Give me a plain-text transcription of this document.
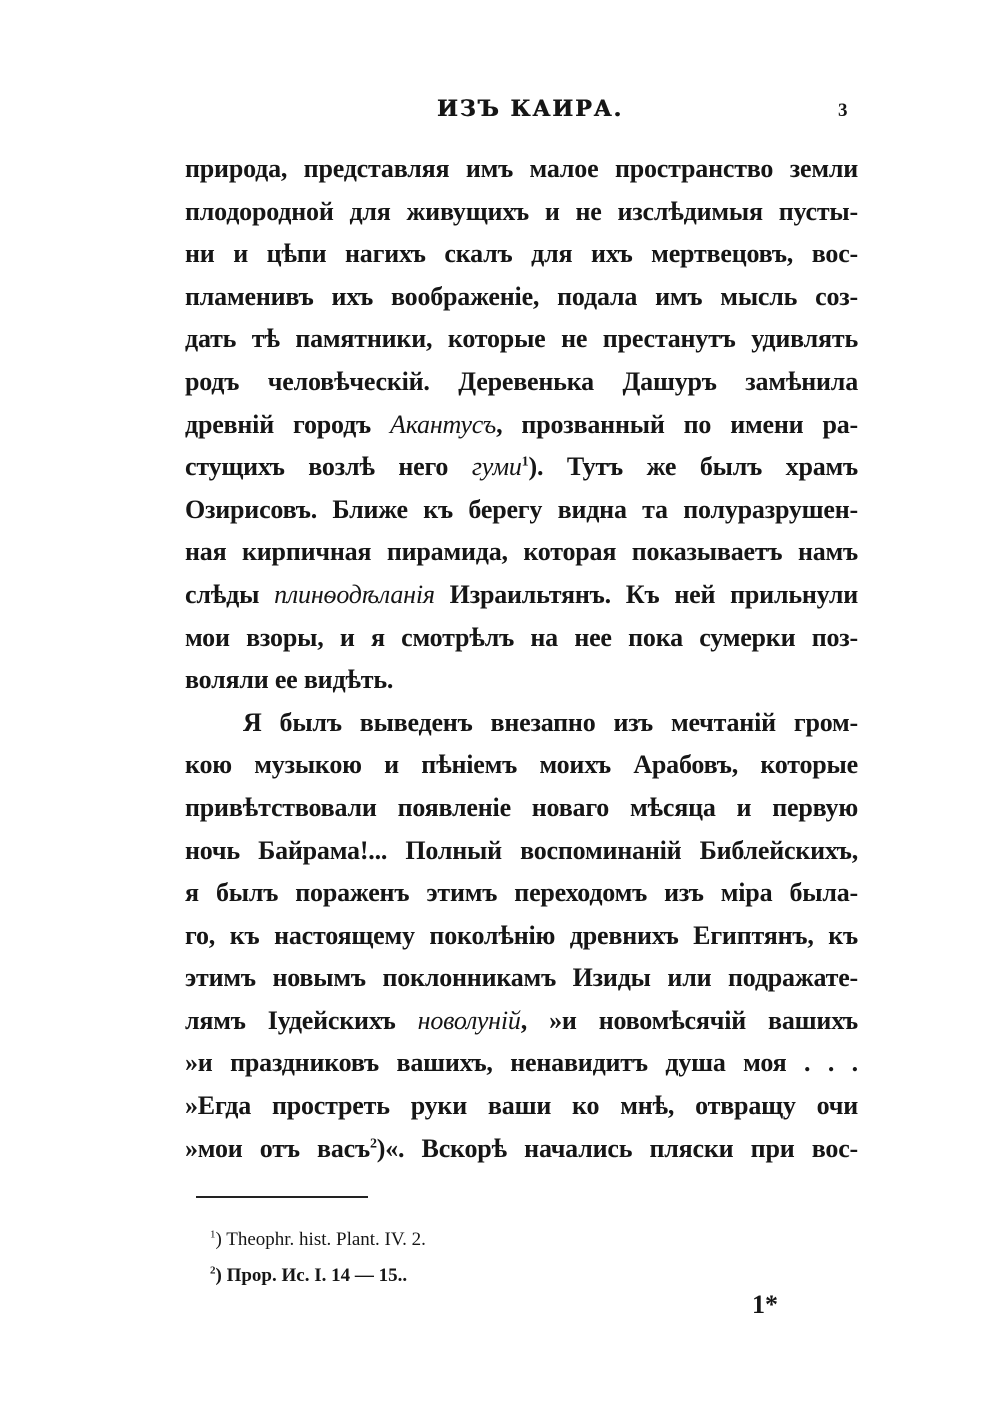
ИЗЪ КАИРА.	3
природа, представляя имъ малое пространство земли
плодородной для живущихъ и не изслѣдимыя пусты-
ни и цѣпи нагихъ скалъ для ихъ мертвецовъ, вос-
пламенивъ ихъ воображеніе, подала имъ мысль соз-
дать тѣ памятники, которые не престанутъ удивлять
родъ человѣческій. Деревенька Дашуръ замѣнила
древній городъ Акантусъ, прозванный по имени ра-
стущихъ возлѣ него гуми$^1$). Тутъ же былъ храмъ
Озирисовъ. Ближе къ берегу видна та полуразрушен-
ная кирпичная пирамида, которая показываетъ намъ
слѣды плинѳодѣланія Израильтянъ. Къ ней прильнули
мои взоры, и я смотрѣлъ на нее пока сумерки поз-
воляли ее видѣть.
Я былъ выведенъ внезапно изъ мечтаній гром-
кою музыкою и пѣніемъ моихъ Арабовъ, которые
привѣтствовали появленіе новаго мѣсяца и первую
ночь Байрама!... Полный воспоминаній Библейскихъ,
я былъ пораженъ этимъ переходомъ изъ міра былa-
го, къ настоящему поколѣнію древнихъ Египтянъ, къ
этимъ новымъ поклонникамъ Изиды или подражате-
лямъ Іудейскихъ новолуній, »и новомѣсячій вашихъ
»и праздниковъ вашихъ, ненавидитъ душа моя . . .
»Егда простреть руки ваши ко мнѣ, отвращу очи
»мои отъ васъ$^2$)«. Вскорѣ начались пляски при вос-
$^1$) Theophr. hist. Plant. IV. 2.
$^2$) Прор. Ис. I. 14 — 15..
1*
